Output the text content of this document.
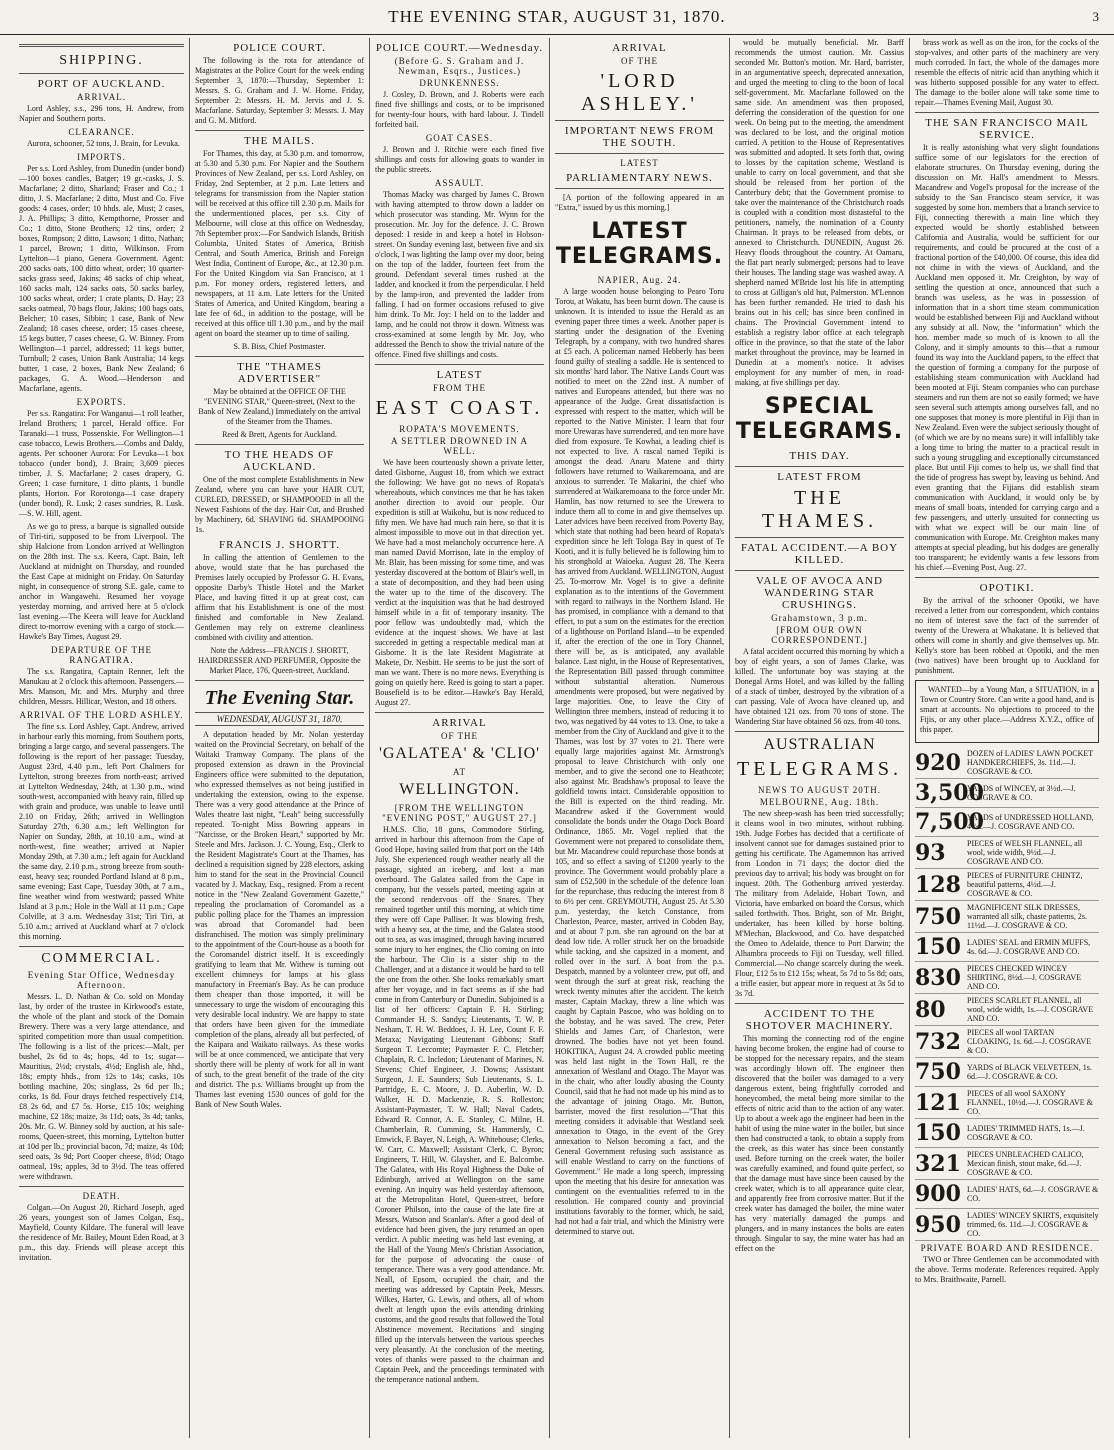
THE EVENING STAR, AUGUST 31, 1870.	3
SHIPPING.
PORT OF AUCKLAND.
ARRIVAL.

Lord Ashley, s.s., 296 tons, H. Andrew, from Napier and Southern ports.

CLEARANCE.

Aurora, schooner, 52 tons, J. Brain, for Levuka.

IMPORTS.

Per s.s. Lord Ashley, from Dunedin (under bond)—100 boxes candles, Batger; 19 gr.-casks, J. S. Macfarlane; 2 ditto, Sharland; Fraser and Co.; 1 ditto, J. S. Macfarlane; 2 ditto, Must and Co. Five goods: 4 cases, order; 10 hhds. ale, Must; 2 cases, J. A. Phillips; 3 ditto, Kempthorne, Prosser and Co.; 1 ditto, Stone Brothers; 12 tins, order; 2 boxes, Rompson; 2 ditto, Lawson; 1 ditto, Nathan; 1 parcel, Brown; 1 ditto, Wilkinson. From Lyttelton—1 piano, Genera Government. Agent: 200 sacks oats, 100 ditto wheat, order; 10 quarter-sacks grass seed, Jakins; 48 sacks of chip wheat, 160 sacks malt, 124 sacks oats, 50 sacks barley, 100 sacks wheat, order; 1 crate plants, D. Hay; 23 sacks oatmeal, 70 bags flour, Jakins; 100 bags oats, Belcher; 10 cases, Sibbin; 1 case, Bank of New Zealand; 18 cases cheese, order; 15 cases cheese, 15 kegs butter, 7 cases cheese, G. W. Binney. From Wellington—1 parcel, addressed; 11 kegs butter, Turnbull; 2 cases, Union Bank Australia; 14 kegs butter, 1 case, 2 boxes, Bank New Zealand; 6 packages, G. A. Wood.—Henderson and Macfarlane, agents.

EXPORTS.

Per s.s. Rangatira: For Wanganui—1 roll leather, Ireland Brothers; 1 parcel, Herald office. For Taranaki—1 truss, Possenskie. For Wellington—1 case tobacco, Lewis Brothers.—Combs and Daldy, agents. Per schooner Aurora: For Levuka—1 box tobacco (under bond), J. Brain; 3,609 pieces timber, J. S. Macfarlane; 2 cases drapery, G. Green; 1 case furniture, 1 ditto plants, 1 bundle plants, Horton. For Rorotonga—1 case drapery (under bond), R. Lusk; 2 cases sundries, R. Lusk.—S. W. Hill, agent.

As we go to press, a barque is signalled outside of Tiri-tiri, supposed to be from Liverpool. The ship Halcione from London arrived at Wellington on the 28th inst. The s.s. Keera, Capt. Bain, left Auckland at midnight on Thursday, and rounded the East Cape at midnight on Friday. On Saturday night, in consequence of strong S.E. gale, came to anchor in Wangawehi. Resumed her voyage yesterday morning, and arrived here at 5 o'clock last evening.—The Keera will leave for Auckland direct to-morrow evening with a cargo of stock.—Hawke's Bay Times, August 29.

DEPARTURE OF THE RANGATIRA.

The s.s. Rangatira, Captain Renner, left the Manukau at 2 o'clock this afternoon. Passengers.—Mrs. Manson, Mr. and Mrs. Murphy and three children, Messrs. Hillicar, Weston, and 18 others.

ARRIVAL OF THE LORD ASHLEY.

The fine s.s. Lord Ashley, Capt. Andrew, arrived in harbour early this morning, from Southern ports, bringing a large cargo, and several passengers. The following is the report of her passage: Tuesday, August 23rd, 4.40 p.m., left Port Chalmers for Lyttelton, strong breezes from north-east; arrived at Lyttelton Wednesday, 24th, at 1.30 p.m., wind south-west, accompanied with heavy rain, filled up with grain and produce, was unable to leave until 2.10 on Friday, 26th; arrived in Wellington Saturday 27th, 6.30 a.m.; left Wellington for Napier on Sunday, 28th, at 10.10 a.m., wind at north-west, fine weather; arrived at Napier Monday 29th, at 7.30 a.m.; left again for Auckland the same day, 2.10 p.m., strong breeze from south-east, heavy sea; rounded Portland Island at 8 p.m., same evening; East Cape, Tuesday 30th, at 7 a.m., fine weather wind from westward; passed White Island at 3 p.m.; Hole in the Wall at 11 p.m.; Cape Colville, at 3 a.m. Wednesday 31st; Tiri Tiri, at 5.10 a.m.; arrived at Auckland wharf at 7 o'clock this morning.

COMMERCIAL.
Evening Star Office, Wednesday Afternoon.

Messrs. L. D. Nathan & Co. sold on Monday last, by order of the trustee in Kirkwood's estate, the whole of the plant and stock of the Domain Brewery. There was a very large attendance, and spirited competition more than usual competition. The following is a list of the prices:—Malt, per bushel, 2s 6d to 4s; hops, 4d to 1s; sugar—Mauritius, 2½d; crystals, 4½d; English ale, hhd., 18s; empty hhds., from 12s to 14s; casks, 10s bottling machine, 20s; singlass, 2s 6d per lb.; corks, 1s 8d. Four drays fetched respectively £14, £8 2s 6d, and £7 5s. Horse, £15 10s; weighing machine, £2 18s; maize, 3s 11d; oats, 3s 4d; tanks, 20s. Mr. G. W. Binney sold by auction, at his sale-rooms, Queen-street, this morning, Lyttelton butter at 10d per lb.; provincial bacon, 7d; maize, 4s 10d; seed oats, 3s 9d; Port Cooper cheese, 8½d; Otago oatmeal, 19s; apples, 3d to 3½d. The teas offered were withdrawn.

DEATH.

Colgan.—On August 20, Richard Joseph, aged 26 years, youngest son of James Colgan, Esq., Mayfield, County Kildare. The funeral will leave the residence of Mr. Bailey, Mount Eden Road, at 3 p.m., this day. Friends will please accept this invitation.

POLICE COURT.

The following is the rota for attendance of Magistrates at the Police Court for the week ending September 3, 1870:—Thursday, September 1: Messrs. S. G. Graham and J. W. Horne. Friday, September 2: Messrs. H. M. Jervis and J. S. Macfarlane. Saturday, September 3: Messrs. J. May and G. M. Mitford.

THE MAILS.

For Thames, this day, at 5.30 p.m. and tomorrow, at 5.30 and 5.30 p.m. For Napier and the Southern Provinces of New Zealand, per s.s. Lord Ashley, on Friday, 2nd September, at 2 p.m. Late letters and telegrams for transmission from the Napier station will be received at this office till 2.30 p.m. Mails for the undermentioned places, per s.s. City of Melbourne, will close at this office on Wednesday, 7th September prox:—For Sandwich Islands, British Columbia, United States of America, British Central, and South America, British and Foreign West India, Continent of Europe, &c., at 12.30 p.m. For the United Kingdom via San Francisco, at 1 p.m. For money orders, registered letters, and newspapers, at 11 a.m. Late letters for the United States of America, and United Kingdom, bearing a late fee of 6d., in addition to the postage, will be received at this office till 1.30 p.m., and by the mail agent on board the steamer up to time of sailing.

S. B. Biss, Chief Postmaster.

THE "THAMES ADVERTISER"

May be obtained at the OFFICE OF THE "EVENING STAR," Queen-street, (Next to the Bank of New Zealand,) Immediately on the arrival of the Steamer from the Thames.

Reed & Brett, Agents for Auckland.

TO THE HEADS OF AUCKLAND.

One of the most complete Establishments in New Zealand, where you can have your HAIR CUT, CURLED, DRESSED, or SHAMPOOED in all the Newest Fashions of the day. Hair Cut, and Brushed by Machinery, 6d. SHAVING 6d. SHAMPOOING 1s.

FRANCIS J. SHORTT.

In calling the attention of Gentlemen to the above, would state that he has purchased the Premises lately occupied by Professor G. H. Evans, opposite Darby's Thistle Hotel and the Market Place, and having fitted it up at great cost, can affirm that his Establishment is one of the most finished and comfortable in New Zealand. Gentlemen may rely on extreme cleanliness combined with civility and attention.

Note the Address—FRANCIS J. SHORTT, HAIRDRESSER AND PERFUMER, Opposite the Market Place, 176, Queen-street, Auckland.

The Evening Star.
WEDNESDAY, AUGUST 31, 1870.

A deputation headed by Mr. Nolan yesterday waited on the Provincial Secretary, on behalf of the Waitaki Tramway Company. The plans of the proposed extension as drawn in the Provincial Engineers office were submitted to the deputation, who expressed themselves as not being justified in undertaking the extension, owing to the expense. There was a very good attendance at the Prince of Wales theatre last night, "Leah" being successfully repeated. To-night Miss Bowring appears in "Narcisse, or the Broken Heart," supported by Mr. Steele and Mrs. Jackson. J. C. Young, Esq., Clerk to the Resident Magistrate's Court at the Thames, has declined a requisition signed by 228 electors, asking him to stand for the seat in the Provincial Council vacated by J. Mackay, Esq., resigned. From a recent notice in the "New Zealand Government Gazette," repealing the proclamation of Coromandel as a public polling place for the Thames an impression was abroad that Coromandel had been disfranchised. The motion was simply preliminary to the appointment of the Court-house as a booth for the Coromandel district itself. It is exceedingly gratifying to learn that Mr. Withew is turning out excellent chimneys for lamps at his glass manufactory in Freeman's Bay. As he can produce them cheaper than those imported, it will be unnecessary to urge the wisdom of encouraging this very desirable local industry. We are happy to state that orders have been given for the immediate completion of the plans, already all but perfected, of the Kaipara and Waikato railways. As these works will be at once commenced, we anticipate that very shortly there will be plenty of work for all in want of such, to the great benefit of the trade of the city and district. The p.s. Williams brought up from the Thames last evening 1530 ounces of gold for the Bank of New South Wales.

POLICE COURT.—Wednesday.
(Before G. S. Graham and J. Newman, Esqrs., Justices.)
DRUNKENNESS.

J. Cosley, D. Brown, and J. Roberts were each fined five shillings and costs, or to be imprisoned for twenty-four hours, with hard labour. J. Tindell forfeited bail.

GOAT CASES.

J. Brown and J. Ritchie were each fined five shillings and costs for allowing goats to wander in the public streets.

ASSAULT.

Thomas Macky was charged by James C. Brown with having attempted to throw down a ladder on which prosecutor was standing. Mr. Wynn for the prosecution. Mr. Joy for the defence. J. C. Brown deposed: I reside in and keep a hotel in Hobson-street. On Sunday evening last, between five and six o'clock, I was lighting the lamp over my door, being on the top of the ladder, fourteen feet from the ground. Defendant several times rushed at the ladder, and knocked it from the perpendicular. I held by the lamp-iron, and prevented the ladder from falling. I had on former occasions refused to give him drink. To Mr. Joy: I held on to the ladder and lamp, and he could not throw it down. Witness was cross-examined at some length by Mr. Joy, who addressed the Bench to show the trivial nature of the offence. Fined five shillings and costs.

LATEST
FROM THE
EAST COAST.
ROPATA'S MOVEMENTS.
A SETTLER DROWNED IN A WELL.

We have been courteously shown a private letter, dated Gisborne, August 18, from which we extract the following: We have got no news of Ropata's whereabouts, which convinces me that he has taken another direction to avoid our people. Our expedition is still at Waikohu, but is now reduced to fifty men. We have had much rain here, so that it is almost impossible to move out in that direction yet. We have had a most melancholy occurrence here. A man named David Morrison, late in the employ of Mr. Blair, has been missing for some time, and was yesterday discovered at the bottom of Blair's well, in a state of decomposition, and they had been using the water up to the time of the discovery. The verdict at the inquisition was that he had destroyed himself while in a fit of temporary insanity. The poor fellow was undoubtedly mad, which the evidence at the inquest shows. We have at last succeeded in getting a respectable medical man at Gisborne. It is the late Resident Magistrate at Makete, Dr. Nesbitt. He seems to be just the sort of man we want. There is no more news. Everything is going on quietly here. Reed is going to start a paper. Bousefield is to be editor.—Hawke's Bay Herald, August 27.

ARRIVAL
OF THE
'GALATEA' & 'CLIO'
AT
WELLINGTON.
[FROM THE WELLINGTON "EVENING POST," AUGUST 27.]

H.M.S. Clio, 18 guns, Commodore Stirling, arrived in harbour this afternoon from the Cape of Good Hope, having sailed from that port on the 14th July. She experienced rough weather nearly all the passage, sighted an iceberg, and lost a man overboard. The Galatea sailed from the Cape in company, but the vessels parted, meeting again at the second rendezvous off the Snares. They remained together until this morning, at which time they were off Cape Palliser. It was blowing fresh, with a heavy sea, at the time, and the Galatea stood out to sea, as was imagined, through having incurred some injury to her engines, the Clio coming on into the harbour. The Clio is a sister ship to the Challenger, and at a distance it would be hard to tell the one from the other. She looks remarkably smart after her voyage, and in fact seems as if she had come in from Canterbury or Dunedin. Subjoined is a list of her officers: Captain F. H. Stirling; Commander H. S. Sandys; Lieutenants, T. W. P. Nesham, T. H. W. Beddoes, J. H. Lee, Count F. F. Metaxa; Navigating Lieutenant Gibbons; Staff Surgeon T. Leccomte; Paymaster F. C. Fletcher; Chaplain, R. C. Incledon; Lieutenant of Marines, N. Stevens; Chief Engineer, J. Downs; Assistant Surgeon, J. E. Saunders; Sub Lieutenants, S. L. Partridge, E. C. Moore, J. D. Auberlin, W. D. Walker, H. D. Mackenzie, R. S. Rolleston; Assistant-Paymaster, T. W. Hall; Naval Cadets, Edward R. Connor, A. E. Stanley, C. Milne, H. Chamberlain, R. Cumming, St. Hammersly, C. Emwick, F. Bayer, N. Leigh, A. Whitehouse; Clerks, W. Carr, C. Maxwell; Assistant Clerk, C. Byron; Engineers, T. Hill, W. Glaysher, and E. Balcombe. The Galatea, with His Royal Highness the Duke of Edinburgh, arrived at Wellington on the same evening. An inquiry was held yesterday afternoon, at the Metropolitan Hotel, Queen-street, before Coroner Philson, into the cause of the late fire at Messrs. Watson and Scanlan's. After a good deal of evidence had been given, the jury returned an open verdict. A public meeting was held last evening, at the Hall of the Young Men's Christian Association, for the purpose of advocating the cause of temperance. There was a very good attendance. Mr. Neall, of Epsom, occupied the chair, and the meeting was addressed by Captain Peek, Messrs. Wilkes, Harter, G. Lewis, and others, all of whom dwelt at length upon the evils attending drinking customs, and the good results that followed the Total Abstinence movement. Recitations and singing filled up the intervals between the various speeches very pleasantly. At the conclusion of the meeting, votes of thanks were passed to the chairman and Captain Peek, and the proceedings terminated with the temperance national anthem.

ARRIVAL
OF THE
'LORD ASHLEY.'
IMPORTANT NEWS FROM THE SOUTH.
LATEST
PARLIAMENTARY NEWS.

[A portion of the following appeared in an "Extra," issued by us this morning.]

LATEST TELEGRAMS.
NAPIER, Aug. 24.

A large wooden house belonging to Pearo Toru Torou, at Wakatu, has been burnt down. The cause is unknown. It is intended to issue the Herald as an evening paper three times a week. Another paper is starting under the designation of the Evening Telegraph, by a company, with two hundred shares at £5 each. A policeman named Hebberly has been found guilty of stealing a saddle. He is sentenced to six months' hard labor. The Native Lands Court was notified to meet on the 22nd inst. A number of natives and Europeans attended, but there was no appearance of the Judge. Great dissatisfaction is expressed with respect to the matter, which will be reported to the Native Minister. I learn that four more Urewaras have surrendered, and ten more have died from exposure. Te Kowhai, a leading chief is not expected to live. A rascal named Tepiki is amongst the dead. Anaru Matene and thirty followers have returned to Waikaremoana, and are anxious to surrender. Te Makarini, the chief who surrendered at Waikaremoana to the force under Mr. Hamlin, has now returned to see the Urewera to induce them all to come in and give themselves up. Later advices have been received from Poverty Bay, which state that nothing had been heard of Ropata's expedition since he left Tologa Bay in quest of Te Kooti, and it is fully believed he is following him to his stronghold at Waioeka. August 28. The Keera has arrived from Auckland. WELLINGTON, August 25. To-morrow Mr. Vogel is to give a definite explanation as to the intentions of the Government with regard to railways in the Northern Island. He has promised, in compliance with a demand to that effect, to put a sum on the estimates for the erection of a lighthouse on Portland Island—to be expended if, after the erection of the one in Tory Channel, there will be, as is anticipated, any available balance. Last night, in the House of Representatives, the Representation Bill passed through committee without substantial alteration. Numerous amendments were proposed, but were negatived by large majorities. One, to leave the City of Wellington three members, instead of reducing it to two, was negatived by 44 votes to 13. One, to take a member from the City of Auckland and give it to the Thames, was lost by 37 votes to 21. There were equally large majorities against Mr. Armstrong's proposal to leave Christchurch with only one member, and to give the second one to Heathcote; also against Mr. Bradshaw's proposal to leave the goldfield towns intact. Considerable opposition to the Bill is expected on the third reading. Mr. Macandrew asked if the Government would consolidate the bonds under the Otago Dock Board Ordinance, 1865. Mr. Vogel replied that the Government were not prepared to consolidate them, but Mr. Macandrew could repurchase those bonds at 105, and so effect a saving of £1200 yearly to the province. The Government would probably place a sum of £52,500 in the schedule of the defence loan for the repurchase, thus reducing the interest from 8 to 6½ per cent. GREYMOUTH, August 25. At 5.30 p.m. yesterday, the ketch Constance, from Charleston, Pearce, master, arrived in Cobden Bay, and at about 7 p.m. she ran aground on the bar at dead low tide. A roller struck her on the broadside while tacking, and she capsized in a moment, and rolled over in the surf. A boat from the p.s. Despatch, manned by a volunteer crew, put off, and went through the surf at great risk, reaching the wreck twenty minutes after the accident. The ketch master, Captain Mackay, threw a line which was caught by Captain Pascoe, who was holding on to the bobstay, and he was saved. The crew, Peter Shields and James Carr, of Charleston, were drowned. The bodies have not yet been found. HOKITIKA, August 24. A crowded public meeting was held last night in the Town Hall, re the annexation of Westland and Otago. The Mayor was in the chair, who after loudly abusing the County Council, said that he had not made up his mind as to the advantage of joining Otago. Mr. Button, barrister, moved the first resolution—"That this meeting considers it advisable that Westland seek annexation to Otago, in the event of the Grey annexation to Nelson becoming a fact, and the General Government refusing such assistance as will enable Westland to carry on the functions of Government." He made a long speech, impressing upon the meeting that his desire for annexation was contingent on the eventualities referred to in the resolution. He compared county and provincial institutions favorably to the former, which, he said, had not had a fair trial, and which the Ministry were determined to starve out.

would be mutually beneficial. Mr. Barff recommends the utmost caution. Mr. Cassius seconded Mr. Button's motion. Mr. Hard, barrister, in an argumentative speech, deprecated annexation, and urged the meeting to cling to the boon of local self-government. Mr. Macfarlane followed on the same side. An amendment was then proposed, deferring the consideration of the question for one week. On being put to the meeting, the amendment was declared to be lost, and the original motion carried. A petition to the House of Representatives was submitted and adopted. It sets forth that, owing to losses by the capitation scheme, Westland is unable to carry on local government, and that she should be released from her portion of the Canterbury debt; that the Government promise to take over the maintenance of the Christchurch roads is coupled with a condition most distasteful to the petitioners, namely, the nomination of a County Chairman. It prays to be released from debts, or annexed to Christchurch. DUNEDIN, August 26. Heavy floods throughout the country. At Oamaru, the flat part nearly submerged; persons had to leave their houses. The landing stage was washed away. A shepherd named M'Bride lost his life in attempting to cross at Gilligan's old hut, Palmerston. M'Lennon has been further remanded. He tried to dash his brains out in his cell; has since been confined in chains. The Provincial Government intend to establish a registry labor office at each telegraph office in the province, so that the state of the labor market throughout the province, may be learned in Dunedin at a moment's notice. It advises employment for any number of men, in road-making, at five shillings per day.

SPECIAL TELEGRAMS.
THIS DAY.
LATEST FROM
THE THAMES.
FATAL ACCIDENT.—A BOY KILLED.
VALE OF AVOCA AND WANDERING STAR CRUSHINGS.
Grahamstown, 3 p.m.
[FROM OUR OWN CORRESPONDENT.]

A fatal accident occurred this morning by which a boy of eight years, a son of James Clarke, was killed. The unfortunate boy was staying at the Donegal Arms Hotel, and was killed by the falling of a stack of timber, destroyed by the vibration of a cart passing. Vale of Avoca have cleaned up, and have obtained 121 ozs. from 70 tons of stone. The Wandering Star have obtained 56 ozs. from 40 tons.

AUSTRALIAN
TELEGRAMS.
NEWS TO AUGUST 20TH.
MELBOURNE, Aug. 18th.

The new sheep-wash has been tried successfully; it cleans wool in two minutes, without rubbing. 19th. Judge Forbes has decided that a certificate of insolvent cannot sue for damages sustained prior to getting his certificate. The Agamemnon has arrived from London in 71 days; the doctor died the previous day to arrival; his body was brought on for inquest. 20th. The Gothenburg arrived yesterday. The military from Adelaide, Hobart Town, and Victoria, have embarked on board the Corsus, which sailed forthwith. Thos. Bright, son of Mr. Bright, undertaker, has been killed by horse bolting. M'Mechan, Blackwood, and Co. have despatched the Omeo to Adelaide, thence to Port Darwin; the Alhambra proceeds to Fiji on Tuesday, well filled. Commercial.—No change scarcely during the week. Flour, £12 5s to £12 15s; wheat, 5s 7d to 5s 8d; oats, a trifle easier, but appear more in request at 3s 5d to 3s 7d.

ACCIDENT TO THE SHOTOVER MACHINERY.

This morning the connecting rod of the engine having become broken, the engine had of course to be stopped for the necessary repairs, and the steam was accordingly blown off. The engineer then discovered that the boiler was damaged to a very dangerous extent, being frightfully corroded and honeycombed, the metal being more similar to the effects of nitric acid than to the action of any water. Up to about a week ago the engineer had been in the habit of using the mine water in the boiler, but since then had constructed a tank, to obtain a supply from the creek, as this water has since been constantly used. Before turning on the creek water, the boiler was carefully examined, and found quite perfect, so that the damage must have since been caused by the creek water, which is to all appearance quite clear, and apparently free from corrosive matter. But if the creek water has damaged the boiler, the mine water has very materially damaged the pumps and plungers, and in many instances the bolts are eaten through. Singular to say, the mine water has had an effect on the

brass work as well as on the iron, for the cocks of the stop-valves, and other parts of the machinery are very much corroded. In fact, the whole of the damages more resemble the effects of nitric acid than anything which it was hitherto supposed possible for any water to effect. The damage to the boiler alone will take some time to repair.—Thames Evening Mail, August 30.

THE SAN FRANCISCO MAIL SERVICE.

It is really astonishing what very slight foundations suffice some of our legislators for the erection of elaborate structures. On Thursday evening, during the discussion on Mr. Hall's amendment to Messrs. Macandrew and Vogel's proposal for the increase of the subsidy to the San Francisco steam service, it was suggested by some hon. members that a branch service to Fiji, connecting therewith a main line which they expected would be shortly established between California and Australia, would be sufficient for our requirements, and could be procured at the cost of a fractional portion of the £40,000. Of course, this idea did not chime in with the views of Auckland, and the Auckland men opposed it. Mr. Creighton, by way of settling the question at once, announced that such a branch was useless, as he was in possession of information that in a short time steam communication would be established between Fiji and Auckland without any subsidy at all. Now, the "information" which the hon. member made so much of is known to all the Colony, and it simply amounts to this—that a rumour found its way into the Auckland papers, to the effect that the question of forming a company for the purpose of establishing steam communication with Auckland had been mooted at Fiji. Steam companies who can purchase steamers and run them are not so easily formed; we have seen several such attempts among ourselves fall, and no one supposes that money is more plentiful in Fiji than in New Zealand. Even were the subject seriously thought of (of which we are by no means sure) it will infallibly take a long time to bring the matter to a practical result in such a young struggling and exceptionally circumstanced place. But until Fiji comes to help us, we shall find that the tide of progress has swept by, leaving us behind. And even granting that the Fijians did establish steam communication with Auckland, it would only be by means of small boats, intended for carrying cargo and a few passengers, and utterly unsuited for connecting us with what we expect will be our main line of communication with Europe. Mr. Creighton makes many attempts at special pleading, but his dodges are generally too transparent; he evidently wants a few lessons from his chief.—Evening Post, Aug. 27.

OPOTIKI.

By the arrival of the schooner Opotiki, we have received a letter from our correspondent, which contains no item of interest save the fact of the surrender of twenty of the Urewera at Whakatane. It is believed that others will come in shortly and give themselves up. Mr. Kelly's store has been robbed at Opotiki, and the men (two natives) have been brought up to Auckland for punishment.

WANTED—by a Young Man, a SITUATION, in a Town or Country Store. Can write a good hand, and is smart at accounts. No objections to proceed to the Fijis, or any other place.—Address X.Y.Z., office of this paper.

920 DOZEN of LADIES' LAWN POCKET HANDKERCHIEFS, 3s. 11d.—J. COSGRAVE & CO.
3,500
YARDS of WINCEY, at 3½d.—J. COSGRAVE & CO.
7,500
YARDS of UNDRESSED HOLLAND, 4½d.—J. COSGRAVE AND CO.
93	PIECES of WELSH FLANNEL, all wool, wide width, 9½d.—J. COSGRAVE AND CO.
128 PIECES of FURNITURE CHINTZ, beautiful patterns, 4½d.—J. COSGRAVE & CO.
750 MAGNIFICENT SILK DRESSES, warranted all silk, chaste patterns, 2s. 11½d.—J. COSGRAVE & CO.
150 LADIES' SEAL and ERMIN MUFFS, 4s. 6d.—J. COSGRAVE AND CO.
830 PIECES CHECKED WINCEY SHIRTING, 8½d.—J. COSGRAVE AND CO.
80	PIECES SCARLET FLANNEL, all wool, wide width, 1s.—J. COSGRAVE AND CO.
732 PIECES all wool TARTAN CLOAKING, 1s. 6d.—J. COSGRAVE & CO.
750 YARDS of BLACK VELVETEEN, 1s. 6d.—J. COSGRAVE & CO.
121 PIECES of all wool SAXONY FLANNEL, 10½d.—J. COSGRAVE & CO.
150 LADIES' TRIMMED HATS, 1s.—J. COSGRAVE & CO.
321 PIECES UNBLEACHED CALICO, Mexican finish, stout make, 6d.—J. COSGRAVE & CO.
900 LADIES' HATS, 6d.—J. COSGRAVE & CO.
950 LADIES' WINCEY SKIRTS, exquisitely trimmed, 6s. 11d.—J. COSGRAVE & CO.
PRIVATE BOARD AND RESIDENCE.

TWO or Three Gentlemen can be accommodated with the above. Terms moderate. References required. Apply to Mrs. Braithwaite, Parnell.
